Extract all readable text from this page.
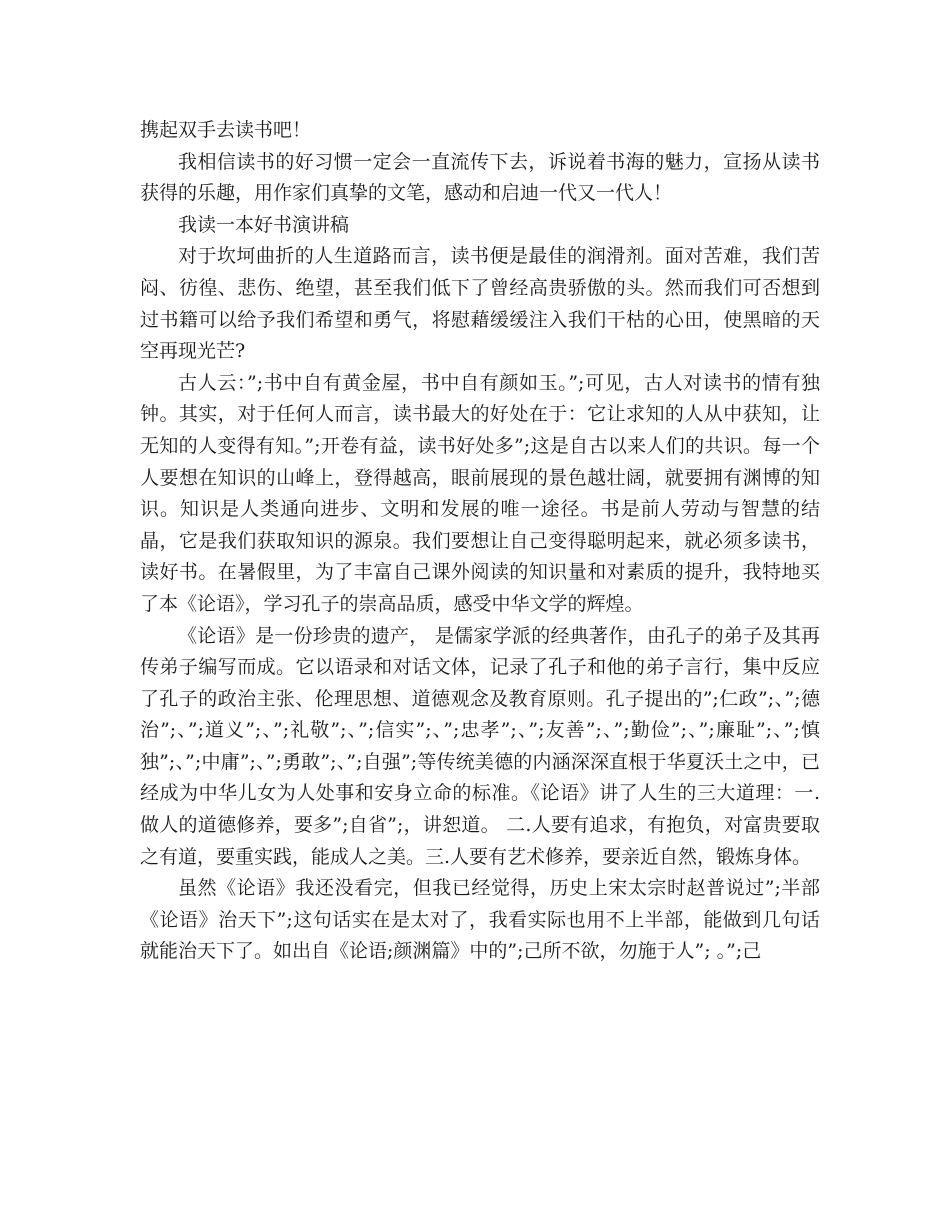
携起双手去读书吧！

我相信读书的好习惯一定会一直流传下去，诉说着书海的魅力，宣扬从读书获得的乐趣，用作家们真挚的文笔，感动和启迪一代又一代人！

我读一本好书演讲稿

对于坎坷曲折的人生道路而言，读书便是最佳的润滑剂。面对苦难，我们苦闷、彷徨、悲伤、绝望，甚至我们低下了曾经高贵骄傲的头。然而我们可否想到过书籍可以给予我们希望和勇气，将慰藉缓缓注入我们干枯的心田，使黑暗的天空再现光芒?

古人云：”;书中自有黄金屋，书中自有颜如玉。”;可见，古人对读书的情有独钟。其实，对于任何人而言，读书最大的好处在于：它让求知的人从中获知，让无知的人变得有知。”;开卷有益，读书好处多”;这是自古以来人们的共识。每一个人要想在知识的山峰上，登得越高，眼前展现的景色越壮阔，就要拥有渊博的知识。知识是人类通向进步、文明和发展的唯一途径。书是前人劳动与智慧的结晶，它是我们获取知识的源泉。我们要想让自己变得聪明起来，就必须多读书，读好书。在暑假里，为了丰富自己课外阅读的知识量和对素质的提升，我特地买了本《论语》，学习孔子的崇高品质，感受中华文学的辉煌。

《论语》是一份珍贵的遗产， 是儒家学派的经典著作，由孔子的弟子及其再传弟子编写而成。它以语录和对话文体，记录了孔子和他的弟子言行，集中反应了孔子的政治主张、伦理思想、道德观念及教育原则。孔子提出的”;仁政”;、”;德治”;、”;道义”;、”;礼敬”;、”;信实”;、”;忠孝”;、”;友善”;、”;勤俭”;、”;廉耻”;、”;慎独”;、”;中庸”;、”;勇敢”;、”;自强”;等传统美德的内涵深深直根于华夏沃土之中，已经成为中华儿女为人处事和安身立命的标准。《论语》讲了人生的三大道理：一.做人的道德修养，要多”;自省”;，讲恕道。 二.人要有追求，有抱负，对富贵要取之有道，要重实践，能成人之美。三.人要有艺术修养，要亲近自然，锻炼身体。

虽然《论语》我还没看完，但我已经觉得，历史上宋太宗时赵普说过”;半部《论语》治天下”;这句话实在是太对了，我看实际也用不上半部，能做到几句话就能治天下了。如出自《论语;颜渊篇》中的”;己所不欲，勿施于人”; 。”;己
